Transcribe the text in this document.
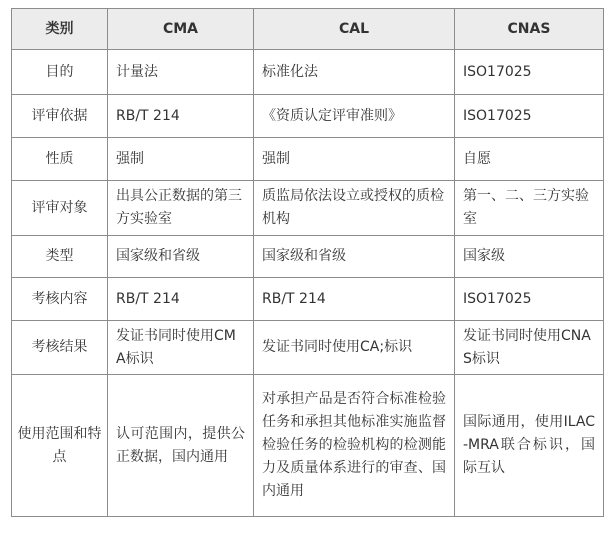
类别	CMA	CAL	CNAS
目的	计量法	标准化法	ISO17025
评审依据	RB/T 214	《资质认定评审准则》	ISO17025
性质	强制	强制	自愿
评审对象	出具公正数据的第三方实验室	质监局依法设立或授权的质检机构	第一、二、三方实验室
类型	国家级和省级	国家级和省级	国家级
考核内容	RB/T 214	RB/T 214	ISO17025
考核结果	发证书同时使用CMA标识	发证书同时使用CA;标识	发证书同时使用CNAS标识
使用范围和特点	认可范围内，提供公正数据，国内通用	对承担产品是否符合标准检验任务和承担其他标准实施监督检验任务的检验机构的检测能力及质量体系进行的审查、国内通用	国际通用，使用ILAC-MRA联合标识，国际互认
